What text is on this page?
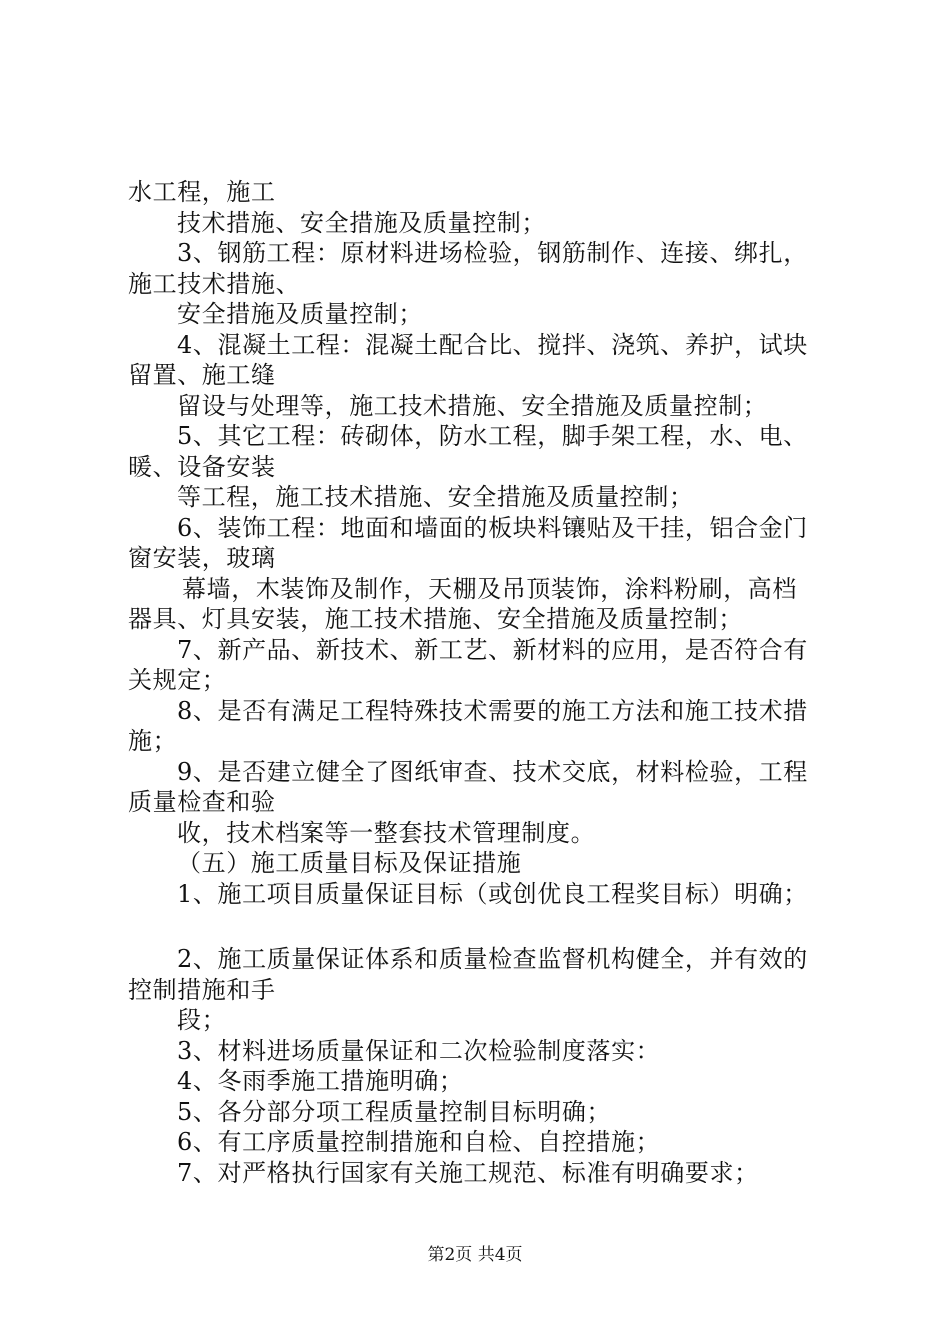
水工程，施工
技术措施、安全措施及质量控制；
3、钢筋工程：原材料进场检验，钢筋制作、连接、绑扎，
施工技术措施、
安全措施及质量控制；
4、混凝土工程：混凝土配合比、搅拌、浇筑、养护，试块
留置、施工缝
留设与处理等，施工技术措施、安全措施及质量控制；
5、其它工程：砖砌体，防水工程，脚手架工程，水、电、
暖、设备安装
等工程，施工技术措施、安全措施及质量控制；
6、装饰工程：地面和墙面的板块料镶贴及干挂，铝合金门
窗安装，玻璃
幕墙，木装饰及制作，天棚及吊顶装饰，涂料粉刷，高档
器具、灯具安装，施工技术措施、安全措施及质量控制；
7、新产品、新技术、新工艺、新材料的应用，是否符合有
关规定；
8、是否有满足工程特殊技术需要的施工方法和施工技术措
施；
9、是否建立健全了图纸审查、技术交底，材料检验，工程
质量检查和验
收，技术档案等一整套技术管理制度。
（五）施工质量目标及保证措施
1、施工项目质量保证目标（或创优良工程奖目标）明确；
2、施工质量保证体系和质量检查监督机构健全，并有效的
控制措施和手
段；
3、材料进场质量保证和二次检验制度落实：
4、冬雨季施工措施明确；
5、各分部分项工程质量控制目标明确；
6、有工序质量控制措施和自检、自控措施；
7、对严格执行国家有关施工规范、标准有明确要求；
第2页 共4页
